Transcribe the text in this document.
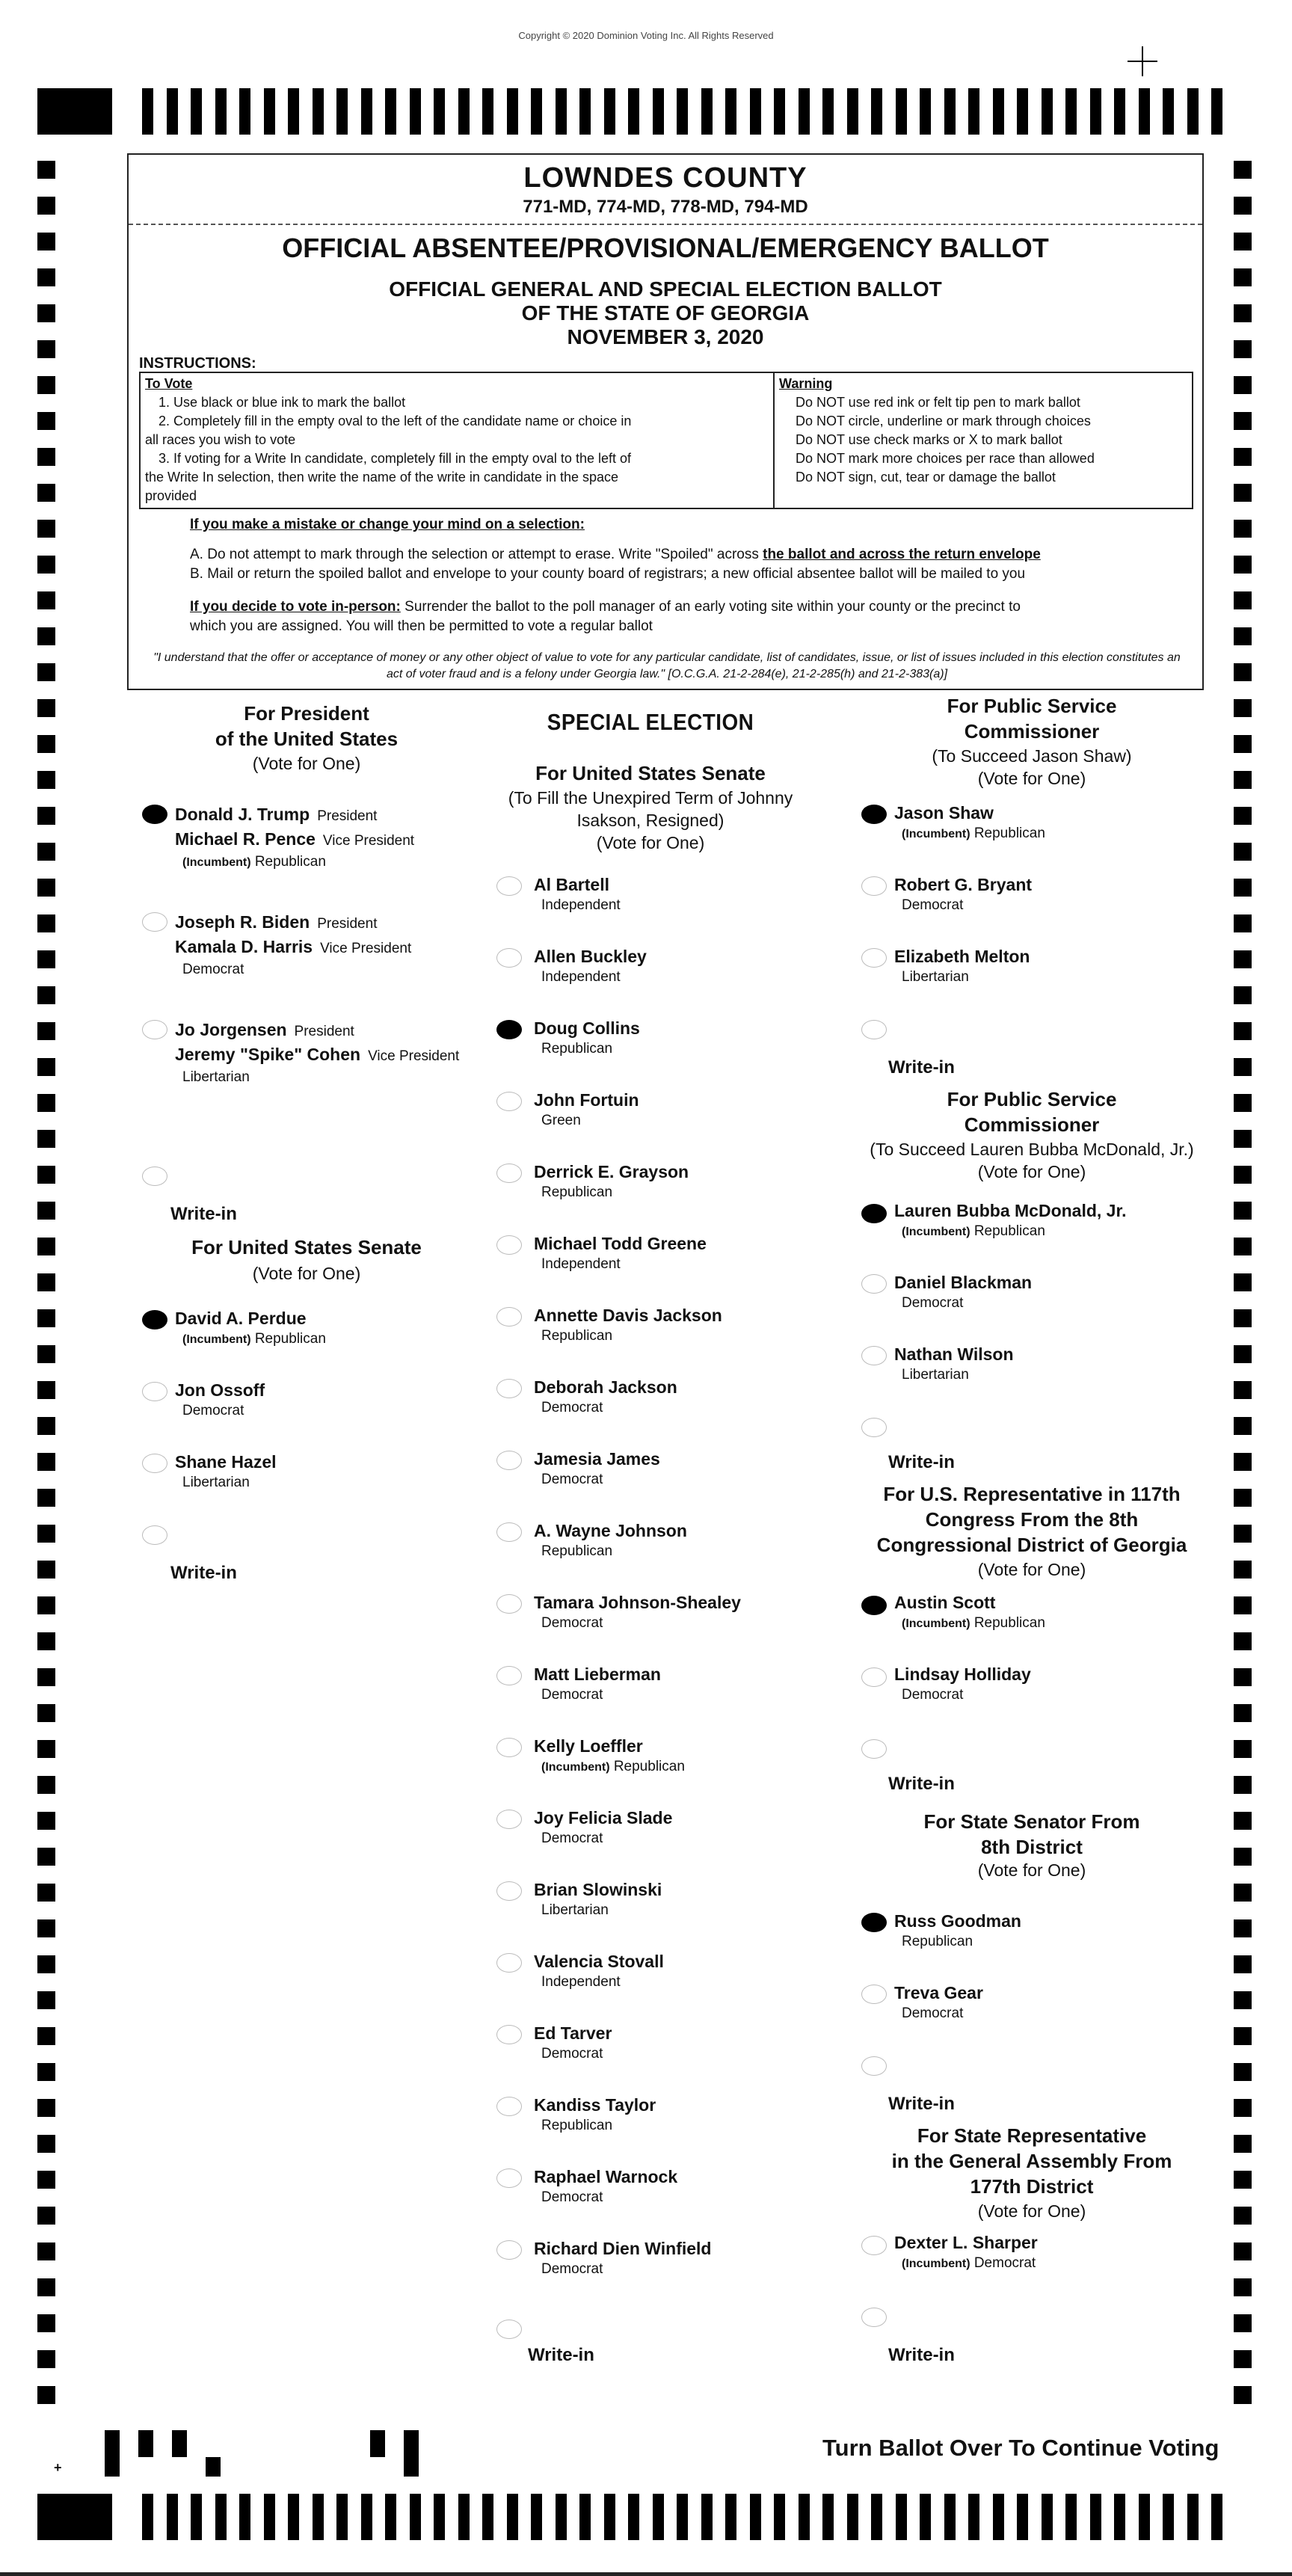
Copyright © 2020 Dominion Voting Inc. All Rights Reserved
LOWNDES COUNTY
771-MD, 774-MD, 778-MD, 794-MD
OFFICIAL ABSENTEE/PROVISIONAL/EMERGENCY BALLOT
OFFICIAL GENERAL AND SPECIAL ELECTION BALLOT
OF THE STATE OF GEORGIA
NOVEMBER 3, 2020
INSTRUCTIONS:
To Vote
1. Use black or blue ink to mark the ballot
2. Completely fill in the empty oval to the left of the candidate name or choice in
all races you wish to vote
3. If voting for a Write In candidate, completely fill in the empty oval to the left of
the Write In selection, then write the name of the write in candidate in the space
provided
Warning
Do NOT use red ink or felt tip pen to mark ballot
Do NOT circle, underline or mark through choices
Do NOT use check marks or X to mark ballot
Do NOT mark more choices per race than allowed
Do NOT sign, cut, tear or damage the ballot
If you make a mistake or change your mind on a selection:
A. Do not attempt to mark through the selection or attempt to erase. Write "Spoiled" across the ballot and across the return envelope
B. Mail or return the spoiled ballot and envelope to your county board of registrars; a new official absentee ballot will be mailed to you
If you decide to vote in-person: Surrender the ballot to the poll manager of an early voting site within your county or the precinct to
which you are assigned. You will then be permitted to vote a regular ballot
"I understand that the offer or acceptance of money or any other object of value to vote for any particular candidate, list of candidates, issue, or list of issues included in this election constitutes an act of voter fraud and is a felony under Georgia law." [O.C.G.A. 21-2-284(e), 21-2-285(h) and 21-2-383(a)]
For President
of the United States
(Vote for One)
Donald J. Trump President
Michael R. Pence Vice President
(Incumbent) Republican
Joseph R. Biden President
Kamala D. Harris Vice President
Democrat
Jo Jorgensen President
Jeremy "Spike" Cohen Vice President
Libertarian
Write-in
For United States Senate
(Vote for One)
David A. Perdue
(Incumbent) Republican
Jon Ossoff
Democrat
Shane Hazel
Libertarian
Write-in
SPECIAL ELECTION
For United States Senate
(To Fill the Unexpired Term of Johnny
Isakson, Resigned)
(Vote for One)
Al Bartell
Independent
Allen Buckley
Independent
Doug Collins
Republican
John Fortuin
Green
Derrick E. Grayson
Republican
Michael Todd Greene
Independent
Annette Davis Jackson
Republican
Deborah Jackson
Democrat
Jamesia James
Democrat
A. Wayne Johnson
Republican
Tamara Johnson-Shealey
Democrat
Matt Lieberman
Democrat
Kelly Loeffler
(Incumbent) Republican
Joy Felicia Slade
Democrat
Brian Slowinski
Libertarian
Valencia Stovall
Independent
Ed Tarver
Democrat
Kandiss Taylor
Republican
Raphael Warnock
Democrat
Richard Dien Winfield
Democrat
Write-in
For Public Service
Commissioner
(To Succeed Jason Shaw)
(Vote for One)
Jason Shaw
(Incumbent) Republican
Robert G. Bryant
Democrat
Elizabeth Melton
Libertarian
Write-in
For Public Service
Commissioner
(To Succeed Lauren Bubba McDonald, Jr.)
(Vote for One)
Lauren Bubba McDonald, Jr.
(Incumbent) Republican
Daniel Blackman
Democrat
Nathan Wilson
Libertarian
Write-in
For U.S. Representative in 117th
Congress From the 8th
Congressional District of Georgia
(Vote for One)
Austin Scott
(Incumbent) Republican
Lindsay Holliday
Democrat
Write-in
For State Senator From
8th District
(Vote for One)
Russ Goodman
Republican
Treva Gear
Democrat
Write-in
For State Representative
in the General Assembly From
177th District
(Vote for One)
Dexter L. Sharper
(Incumbent) Democrat
Write-in
Turn Ballot Over To Continue Voting
+
